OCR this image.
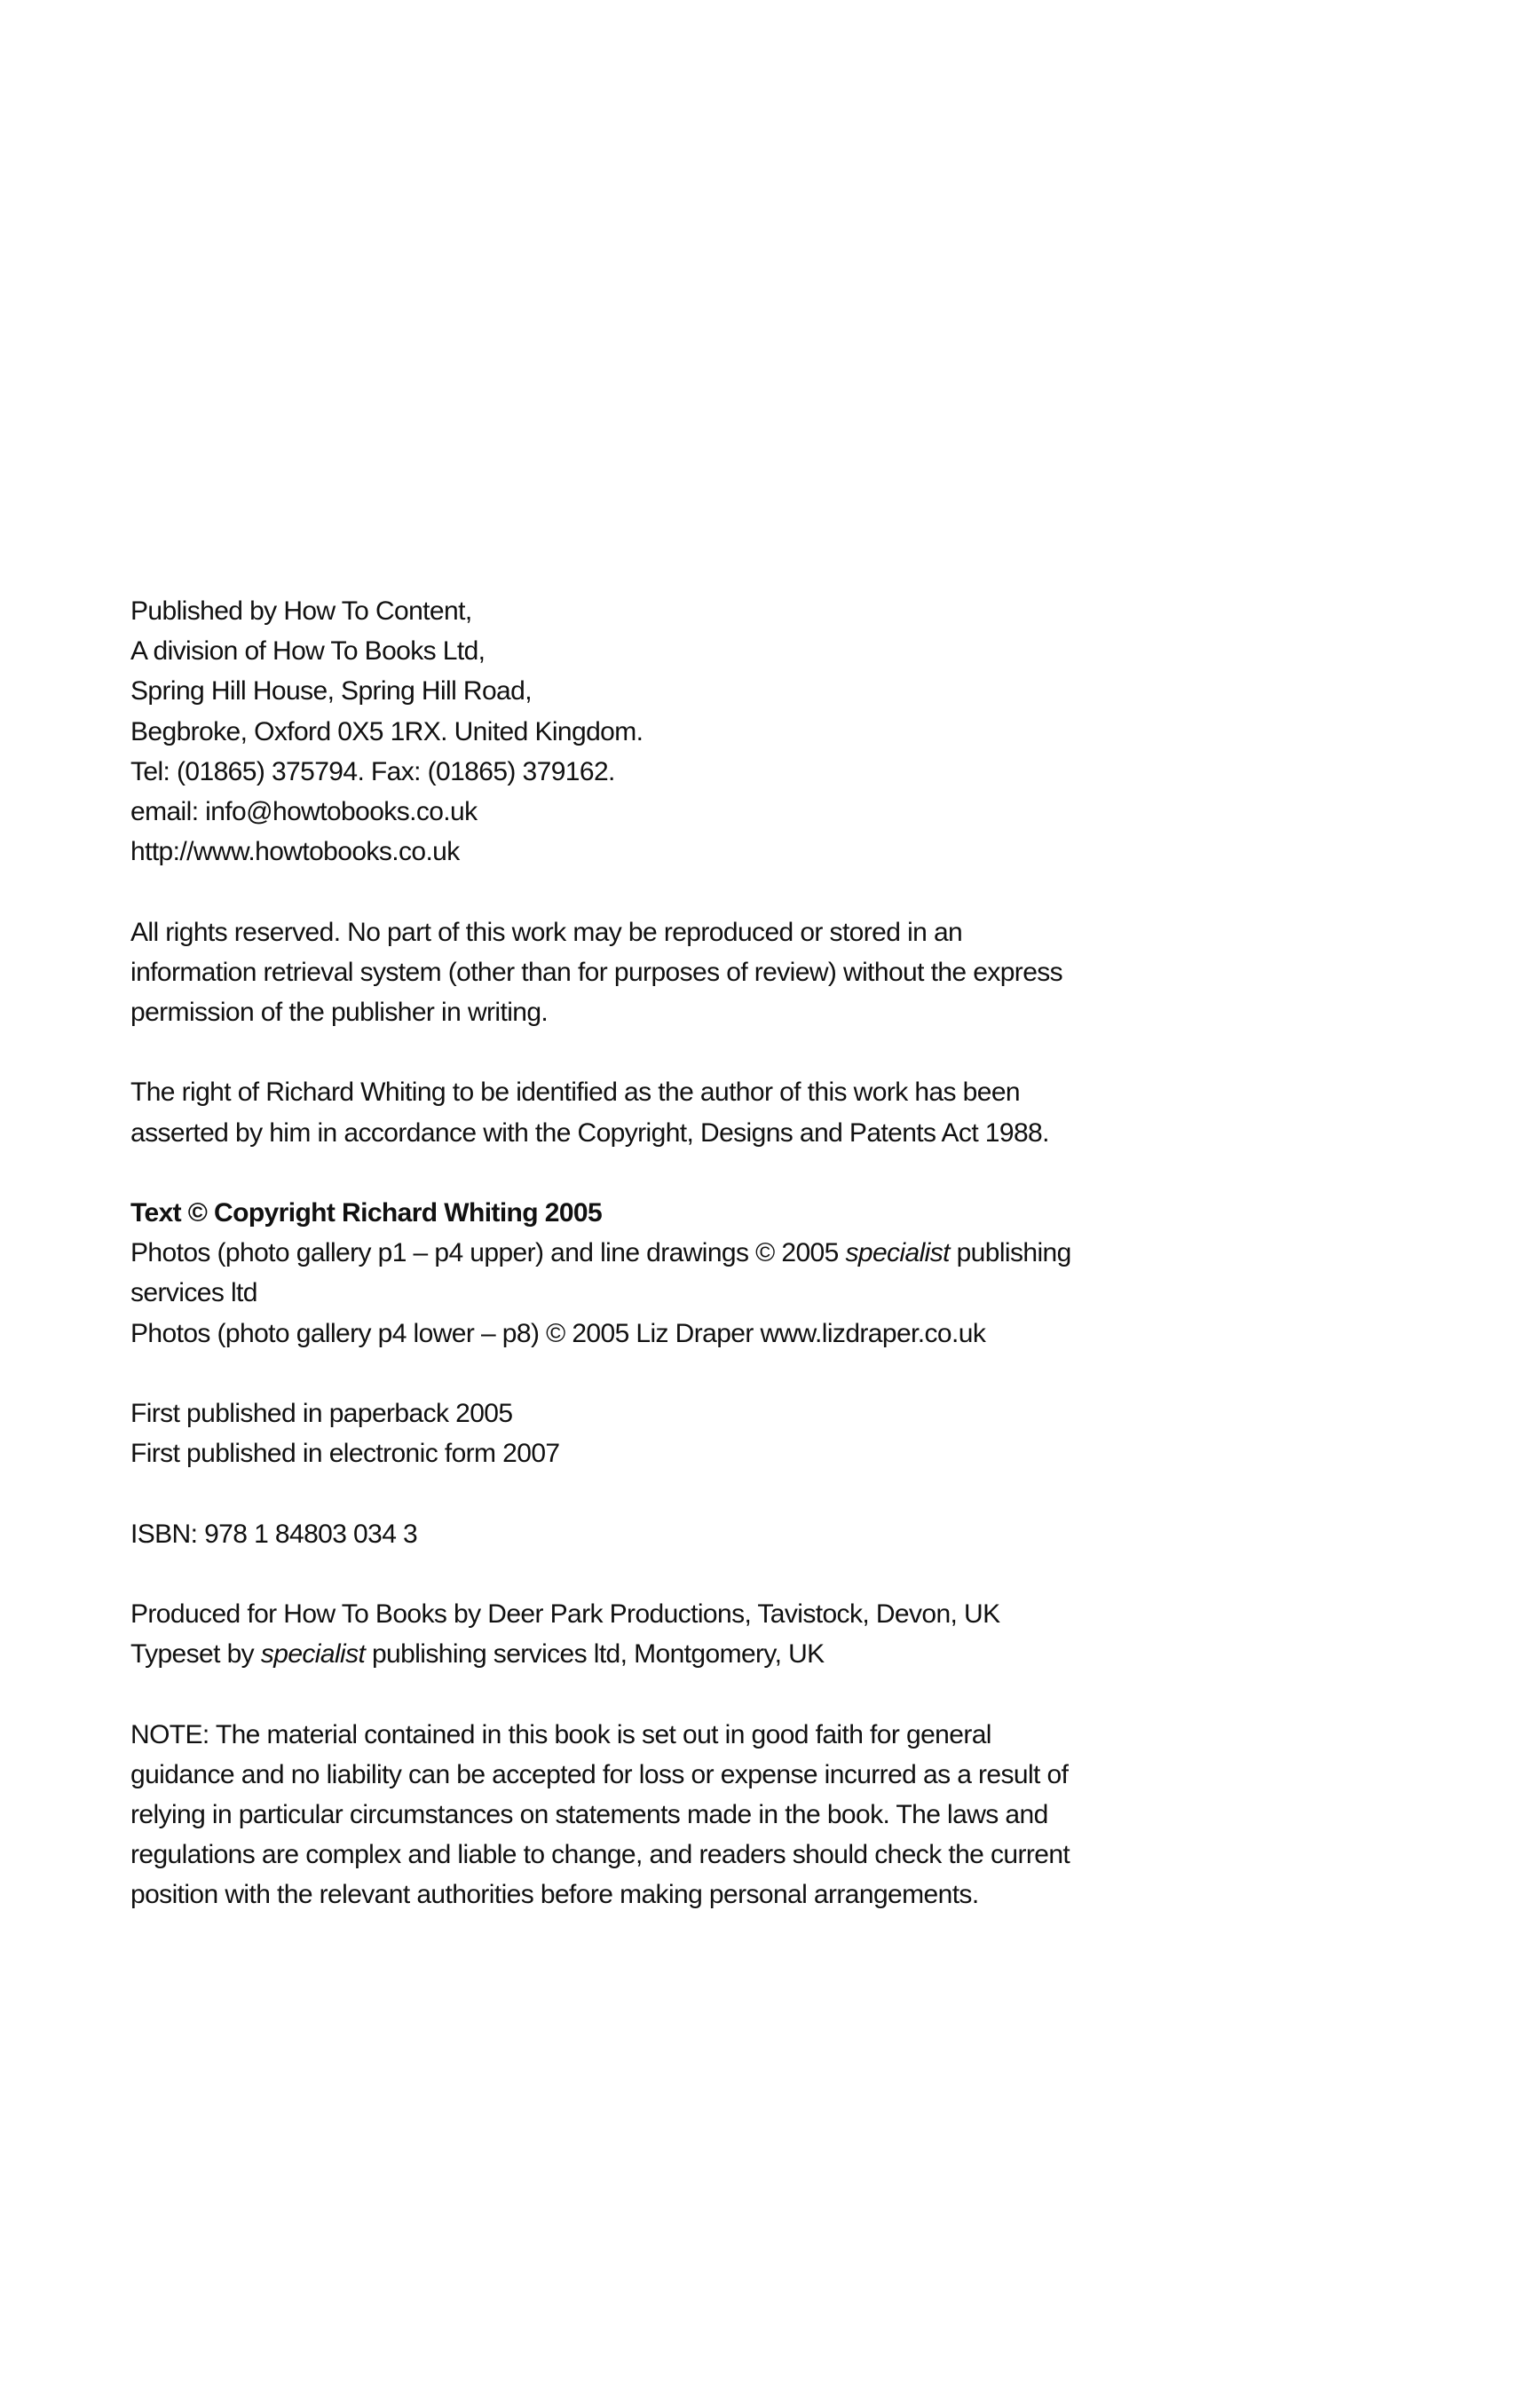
Published by How To Content,
A division of How To Books Ltd,
Spring Hill House, Spring Hill Road,
Begbroke, Oxford 0X5 1RX. United Kingdom.
Tel: (01865) 375794. Fax: (01865) 379162.
email: info@howtobooks.co.uk
http://www.howtobooks.co.uk
All rights reserved. No part of this work may be reproduced or stored in an
information retrieval system (other than for purposes of review) without the express
permission of the publisher in writing.
The right of Richard Whiting to be identified as the author of this work has been
asserted by him in accordance with the Copyright, Designs and Patents Act 1988.
Text © Copyright Richard Whiting 2005
Photos (photo gallery p1 – p4 upper) and line drawings © 2005 specialist publishing
services ltd
Photos (photo gallery p4 lower – p8) © 2005 Liz Draper www.lizdraper.co.uk
First published in paperback 2005
First published in electronic form 2007
ISBN: 978 1 84803 034 3
Produced for How To Books by Deer Park Productions, Tavistock, Devon, UK
Typeset by specialist publishing services ltd, Montgomery, UK
NOTE: The material contained in this book is set out in good faith for general
guidance and no liability can be accepted for loss or expense incurred as a result of
relying in particular circumstances on statements made in the book. The laws and
regulations are complex and liable to change, and readers should check the current
position with the relevant authorities before making personal arrangements.
